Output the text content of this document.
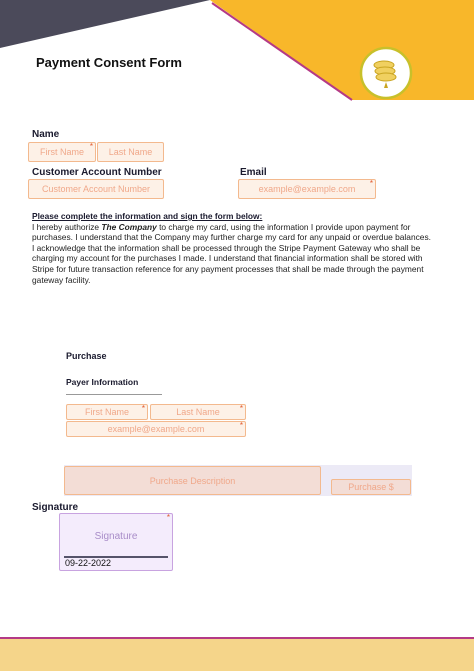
Payment Consent Form
Name
First Name
*
Last Name
Customer Account Number
Customer Account Number
Email
example@example.com
*
Please complete the information and sign the form below:
I hereby authorize The Company to charge my card, using the information I provide upon payment for purchases. I understand that the Company may further charge my card for any unpaid or overdue balances.
I acknowledge that the information shall be processed through the Stripe Payment Gateway who shall be charging my account for the purchases I made. I understand that financial information shall be stored with Stripe for future transaction reference for any payment processes that shall be made through the payment gateway facility.
Purchase
Payer Information
First Name *	Last Name	*
example@example.com	*
Purchase Description
Purchase $
Signature
*
Signature
09-22-2022
